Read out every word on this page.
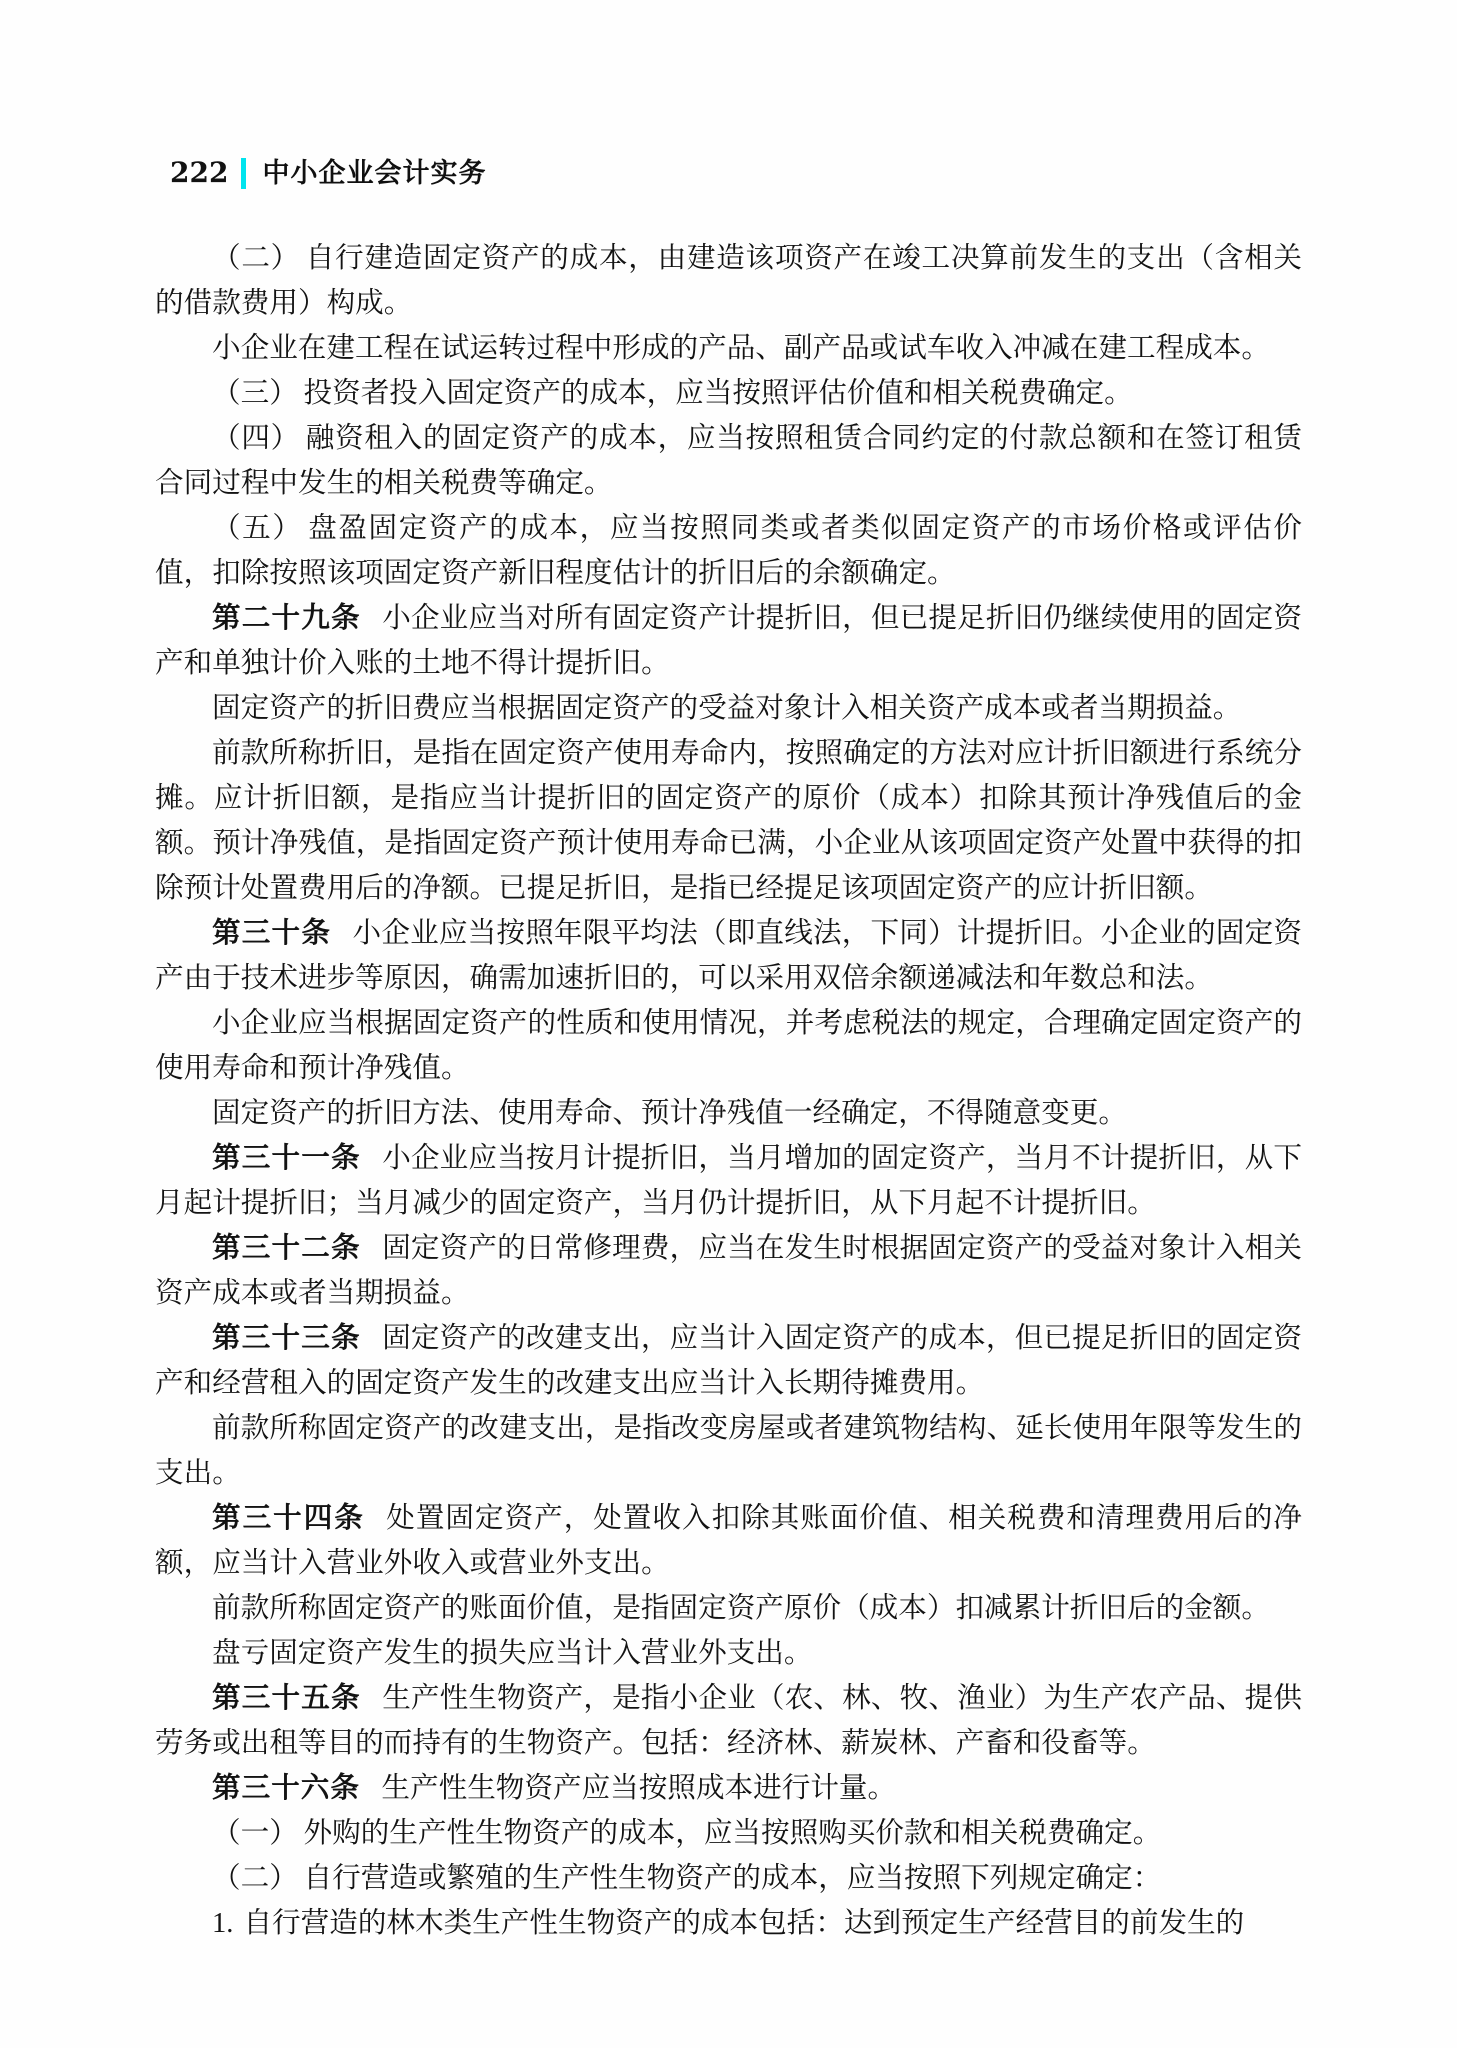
222 中小企业会计实务

（二） 自行建造固定资产的成本，由建造该项资产在竣工决算前发生的支出（含相关的借款费用）构成。

小企业在建工程在试运转过程中形成的产品、副产品或试车收入冲减在建工程成本。

（三） 投资者投入固定资产的成本，应当按照评估价值和相关税费确定。

（四） 融资租入的固定资产的成本，应当按照租赁合同约定的付款总额和在签订租赁合同过程中发生的相关税费等确定。

（五） 盘盈固定资产的成本，应当按照同类或者类似固定资产的市场价格或评估价值，扣除按照该项固定资产新旧程度估计的折旧后的余额确定。

第二十九条 小企业应当对所有固定资产计提折旧，但已提足折旧仍继续使用的固定资产和单独计价入账的土地不得计提折旧。

固定资产的折旧费应当根据固定资产的受益对象计入相关资产成本或者当期损益。

前款所称折旧，是指在固定资产使用寿命内，按照确定的方法对应计折旧额进行系统分摊。应计折旧额，是指应当计提折旧的固定资产的原价（成本）扣除其预计净残值后的金额。预计净残值，是指固定资产预计使用寿命已满，小企业从该项固定资产处置中获得的扣除预计处置费用后的净额。已提足折旧，是指已经提足该项固定资产的应计折旧额。

第三十条 小企业应当按照年限平均法（即直线法，下同）计提折旧。小企业的固定资产由于技术进步等原因，确需加速折旧的，可以采用双倍余额递减法和年数总和法。

小企业应当根据固定资产的性质和使用情况，并考虑税法的规定，合理确定固定资产的使用寿命和预计净残值。

固定资产的折旧方法、使用寿命、预计净残值一经确定，不得随意变更。

第三十一条 小企业应当按月计提折旧，当月增加的固定资产，当月不计提折旧，从下月起计提折旧；当月减少的固定资产，当月仍计提折旧，从下月起不计提折旧。

第三十二条 固定资产的日常修理费，应当在发生时根据固定资产的受益对象计入相关资产成本或者当期损益。

第三十三条 固定资产的改建支出，应当计入固定资产的成本，但已提足折旧的固定资产和经营租入的固定资产发生的改建支出应当计入长期待摊费用。

前款所称固定资产的改建支出，是指改变房屋或者建筑物结构、延长使用年限等发生的支出。

第三十四条 处置固定资产，处置收入扣除其账面价值、相关税费和清理费用后的净额，应当计入营业外收入或营业外支出。

前款所称固定资产的账面价值，是指固定资产原价（成本）扣减累计折旧后的金额。

盘亏固定资产发生的损失应当计入营业外支出。

第三十五条 生产性生物资产，是指小企业（农、林、牧、渔业）为生产农产品、提供劳务或出租等目的而持有的生物资产。包括：经济林、薪炭林、产畜和役畜等。

第三十六条 生产性生物资产应当按照成本进行计量。

（一） 外购的生产性生物资产的成本，应当按照购买价款和相关税费确定。

（二） 自行营造或繁殖的生产性生物资产的成本，应当按照下列规定确定：

1. 自行营造的林木类生产性生物资产的成本包括：达到预定生产经营目的前发生的
